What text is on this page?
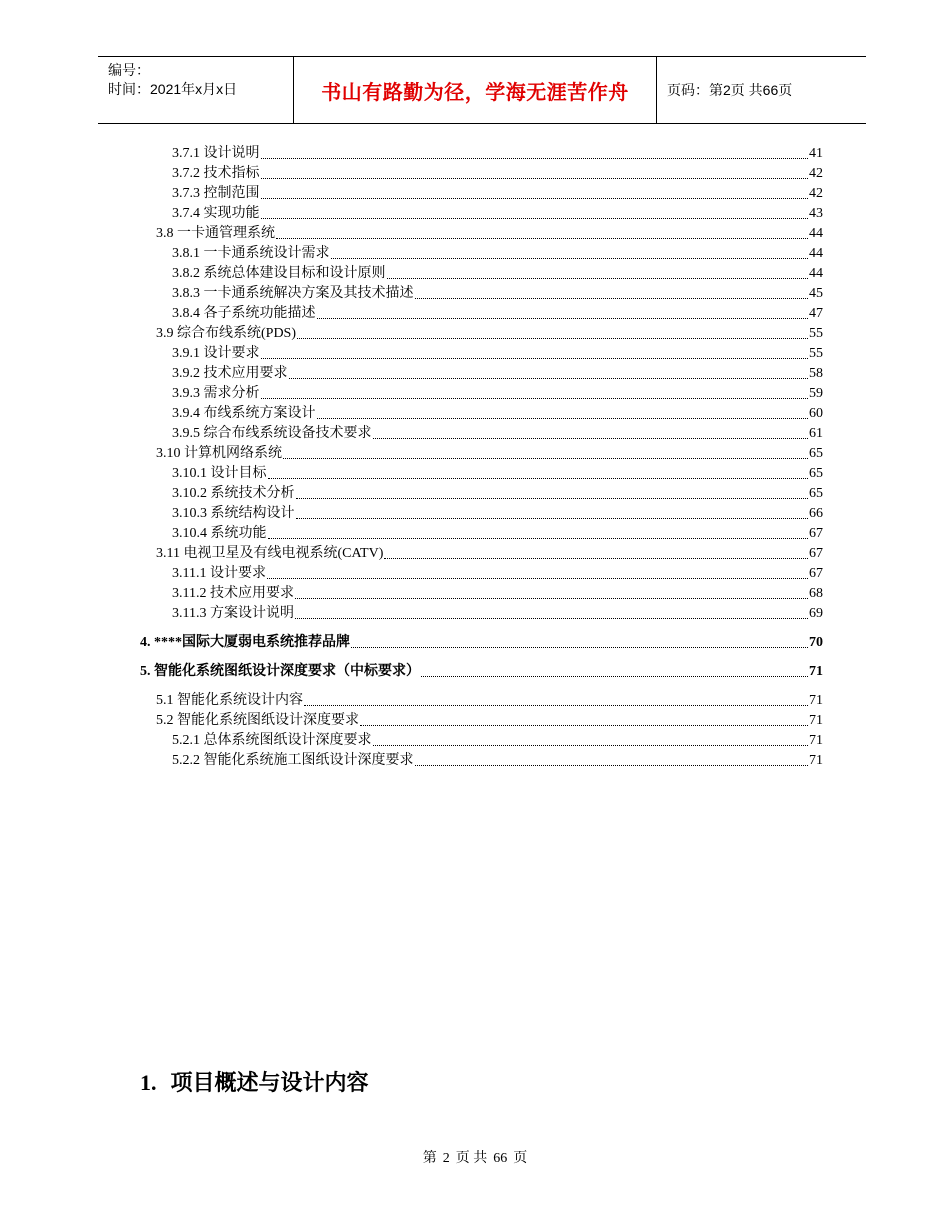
编号：
时间：2021年x月x日	书山有路勤为径，学海无涯苦作舟	页码：第2页 共66页
3.7.1 设计说明	41
3.7.2 技术指标	42
3.7.3 控制范围	42
3.7.4 实现功能	43
3.8 一卡通管理系统	44
3.8.1 一卡通系统设计需求	44
3.8.2 系统总体建设目标和设计原则	44
3.8.3 一卡通系统解决方案及其技术描述	45
3.8.4 各子系统功能描述	47
3.9 综合布线系统(PDS)	55
3.9.1 设计要求	55
3.9.2 技术应用要求	58
3.9.3 需求分析	59
3.9.4 布线系统方案设计	60
3.9.5 综合布线系统设备技术要求	61
3.10 计算机网络系统	65
3.10.1 设计目标	65
3.10.2 系统技术分析	65
3.10.3 系统结构设计	66
3.10.4 系统功能	67
3.11 电视卫星及有线电视系统(CATV)	67
3.11.1 设计要求	67
3.11.2 技术应用要求	68
3.11.3 方案设计说明	69
4. ****国际大厦弱电系统推荐品牌	70
5. 智能化系统图纸设计深度要求（中标要求）	71
5.1 智能化系统设计内容	71
5.2 智能化系统图纸设计深度要求	71
5.2.1 总体系统图纸设计深度要求	71
5.2.2 智能化系统施工图纸设计深度要求	71
1. 项目概述与设计内容
第 2 页 共 66 页
